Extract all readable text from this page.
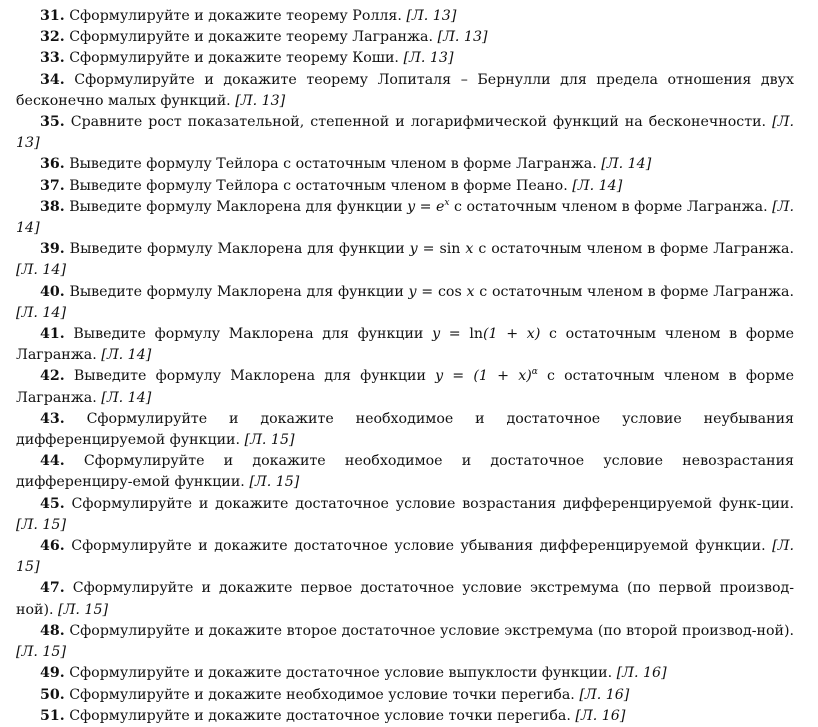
31. Сформулируйте и докажите теорему Ролля. [Л. 13]

32. Сформулируйте и докажите теорему Лагранжа. [Л. 13]

33. Сформулируйте и докажите теорему Коши. [Л. 13]

34. Сформулируйте и докажите теорему Лопиталя – Бернулли для предела отношения двух бесконечно малых функций. [Л. 13]

35. Сравните рост показательной, степенной и логарифмической функций на бесконечности. [Л. 13]

36. Выведите формулу Тейлора с остаточным членом в форме Лагранжа. [Л. 14]

37. Выведите формулу Тейлора с остаточным членом в форме Пеано. [Л. 14]

38. Выведите формулу Маклорена для функции $y = e^x$ с остаточным членом в форме Лагранжа. [Л. 14]

39. Выведите формулу Маклорена для функции y = sin x с остаточным членом в форме Лагранжа. [Л. 14]

40. Выведите формулу Маклорена для функции y = cos x с остаточным членом в форме Лагранжа. [Л. 14]

41. Выведите формулу Маклорена для функции y = ln(1 + x) с остаточным членом в форме Лагранжа. [Л. 14]

42. Выведите формулу Маклорена для функции $y = (1 + x)^\alpha$ с остаточным членом в форме Лагранжа. [Л. 14]

43. Сформулируйте и докажите необходимое и достаточное условие неубывания дифференцируемой функции. [Л. 15]

44. Сформулируйте и докажите необходимое и достаточное условие невозрастания дифференциру-емой функции. [Л. 15]

45. Сформулируйте и докажите достаточное условие возрастания дифференцируемой функ-ции. [Л. 15]

46. Сформулируйте и докажите достаточное условие убывания дифференцируемой функции. [Л. 15]

47. Сформулируйте и докажите первое достаточное условие экстремума (по первой производ-ной). [Л. 15]

48. Сформулируйте и докажите второе достаточное условие экстремума (по второй производ-ной). [Л. 15]

49. Сформулируйте и докажите достаточное условие выпуклости функции. [Л. 16]

50. Сформулируйте и докажите необходимое условие точки перегиба. [Л. 16]

51. Сформулируйте и докажите достаточное условие точки перегиба. [Л. 16]
